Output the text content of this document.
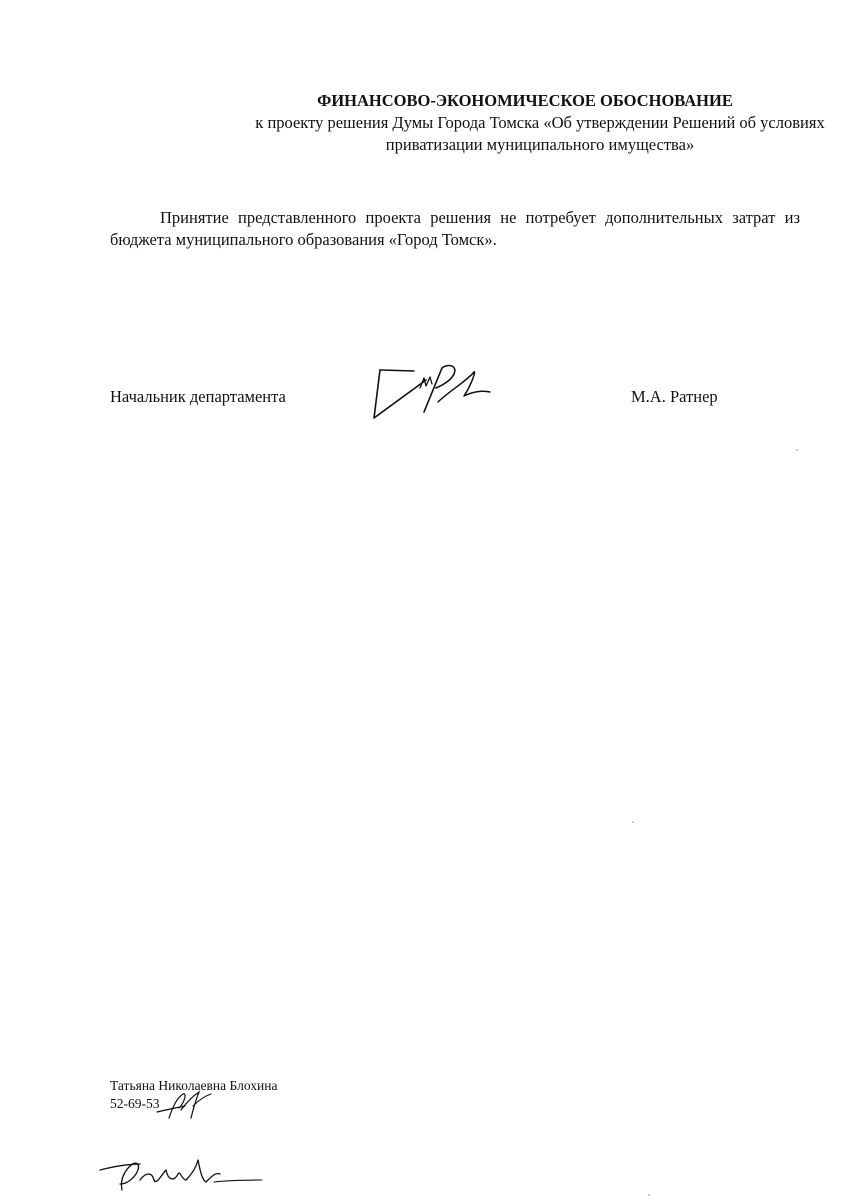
ФИНАНСОВО-ЭКОНОМИЧЕСКОЕ ОБОСНОВАНИЕ

к проекту решения Думы Города Томска «Об утверждении Решений об условиях

приватизации муниципального имущества»

Принятие представленного проекта решения не потребует дополнительных затрат из бюджета муниципального образования «Город Томск».

Начальник департамента	М.А. Ратнер
Татьяна Николаевна Блохина
52-69-53
